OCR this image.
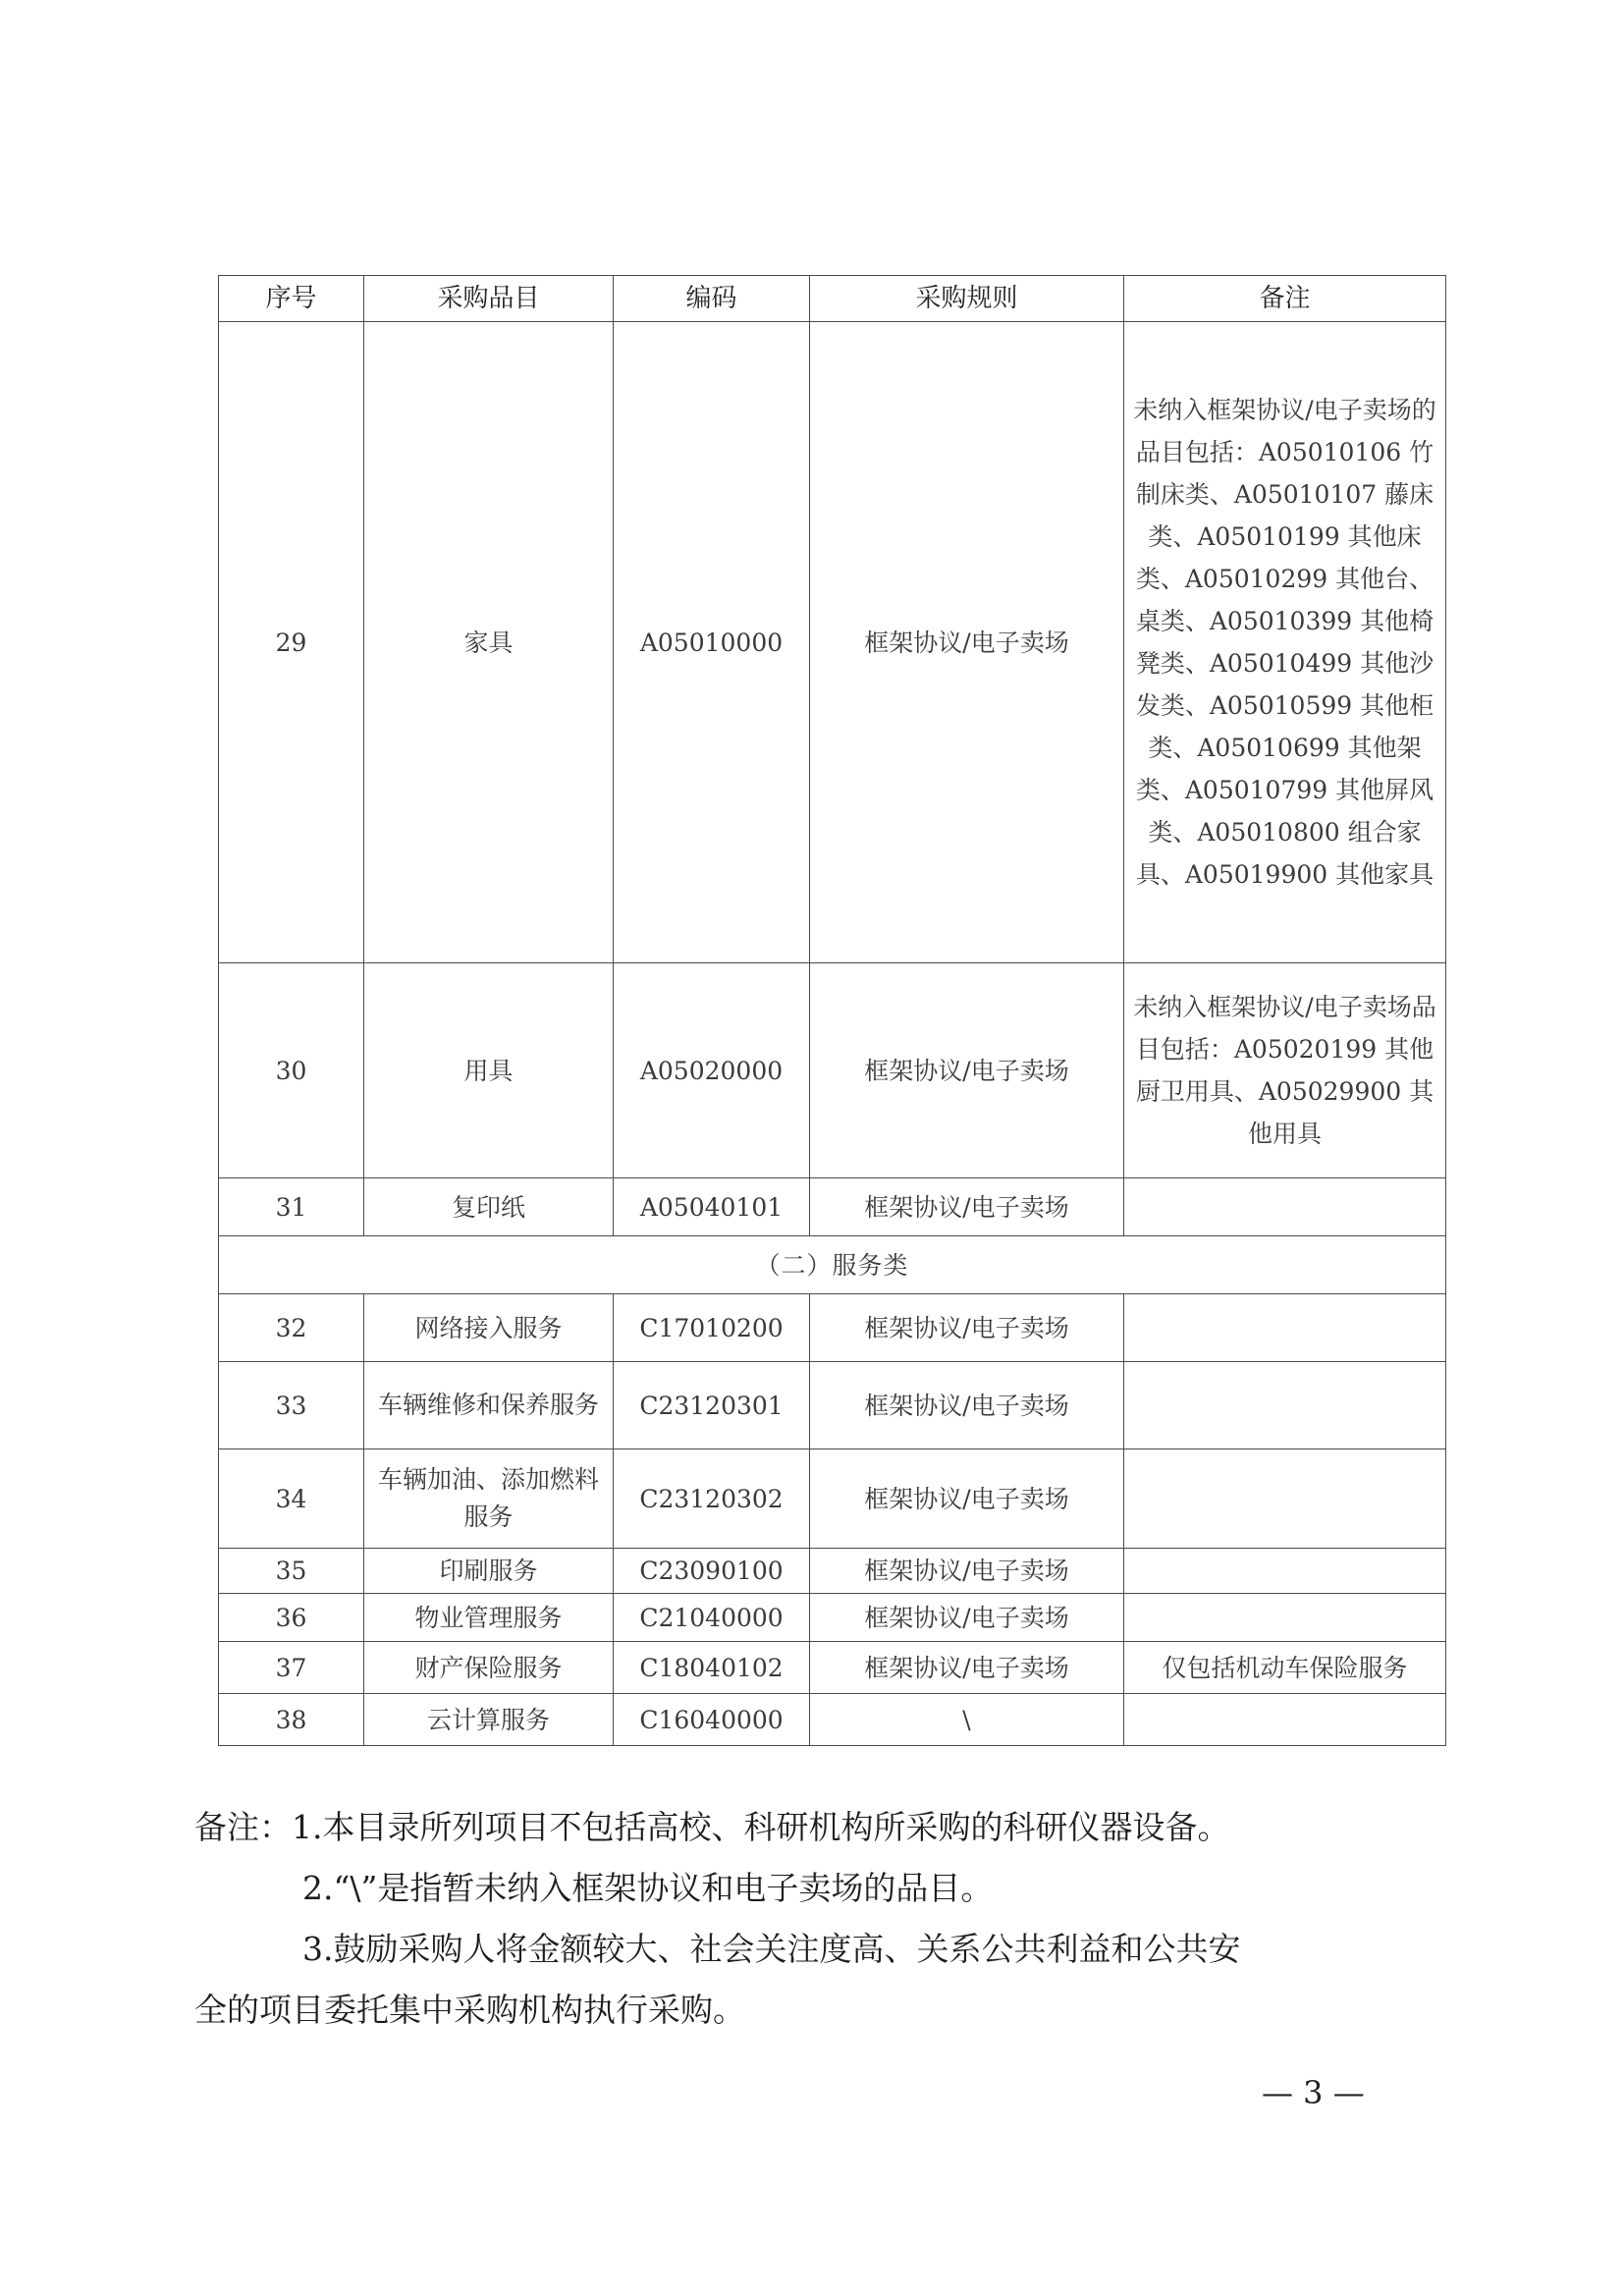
序号	采购品目	编码	采购规则	备注
29	家具	A05010000	框架协议/电子卖场	未纳入框架协议/电子卖场的品目包括：A05010106 竹制床类、A05010107 藤床类、A05010199 其他床类、A05010299 其他台、桌类、A05010399 其他椅凳类、A05010499 其他沙发类、A05010599 其他柜类、A05010699 其他架类、A05010799 其他屏风类、A05010800 组合家具、A05019900 其他家具
30	用具	A05020000	框架协议/电子卖场	未纳入框架协议/电子卖场品目包括：A05020199 其他厨卫用具、A05029900 其他用具
31	复印纸	A05040101	框架协议/电子卖场	
（二）服务类				
32	网络接入服务	C17010200	框架协议/电子卖场	
33	车辆维修和保养服务	C23120301	框架协议/电子卖场	
34	车辆加油、添加燃料服务	C23120302	框架协议/电子卖场	
35	印刷服务	C23090100	框架协议/电子卖场	
36	物业管理服务	C21040000	框架协议/电子卖场	
37	财产保险服务	C18040102	框架协议/电子卖场	仅包括机动车保险服务
38	云计算服务	C16040000	\	

备注：1.本目录所列项目不包括高校、科研机构所采购的科研仪器设备。

2.“\”是指暂未纳入框架协议和电子卖场的品目。

3.鼓励采购人将金额较大、社会关注度高、关系公共利益和公共安

全的项目委托集中采购机构执行采购。

— 3 —
